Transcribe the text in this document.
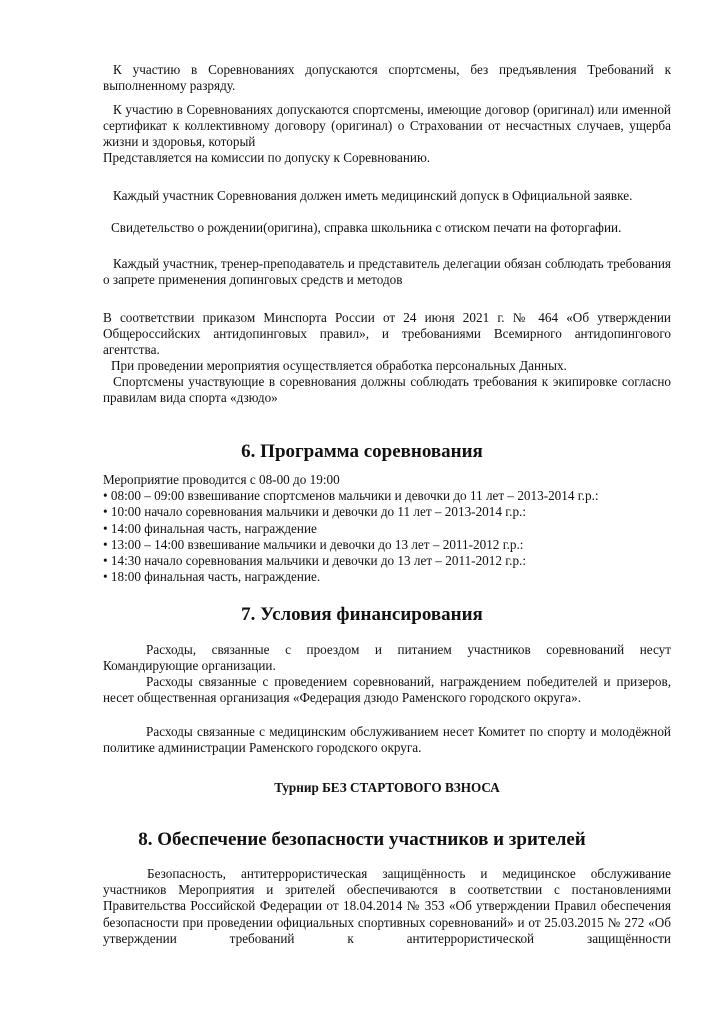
К участию в Соревнованиях допускаются спортсмены, без предъявления Требований к выполненному разряду.

К участию в Соревнованиях допускаются спортсмены, имеющие договор (оригинал) или именной сертификат к коллективному договору (оригинал) о Страховании от несчастных случаев, ущерба жизни и здоровья, который

Представляется на комиссии по допуску к Соревнованию.

Каждый участник Соревнования должен иметь медицинский допуск в Официальной заявке.

Свидетельство о рождении(оригина), справка школьника с отиском печати на фоторгафии.

Каждый участник, тренер-преподаватель и представитель делегации обязан соблюдать требования о запрете применения допинговых средств и методов

В соответствии приказом Минспорта России от 24 июня 2021 г. № 464 «Об утверждении Общероссийских антидопинговых правил», и требованиями Всемирного антидопингового агентства.

При проведении мероприятия осуществляется обработка персональных Данных.

Спортсмены участвующие в соревнования должны соблюдать требования к экипировке согласно правилам вида спорта «дзюдо»

6. Программа соревнования

Мероприятие проводится с 08-00 до 19:00

• 08:00 – 09:00 взвешивание спортсменов мальчики и девочки до 11 лет – 2013-2014 г.р.:
• 10:00 начало соревнования мальчики и девочки до 11 лет – 2013-2014 г.р.:
• 14:00 финальная часть, награждение
• 13:00 – 14:00 взвешивание мальчики и девочки до 13 лет – 2011-2012 г.р.:
• 14:30 начало соревнования мальчики и девочки до 13 лет – 2011-2012 г.р.:
• 18:00 финальная часть, награждение.
7. Условия финансирования

Расходы, связанные с проездом и питанием участников соревнований несут Командирующие организации.

Расходы связанные с проведением соревнований, награждением победителей и призеров, несет общественная организация «Федерация дзюдо Раменского городского округа».

Расходы связанные с медицинским обслуживанием несет Комитет по спорту и молодёжной политике администрации Раменского городского округа.

Турнир БЕЗ СТАРТОВОГО ВЗНОСА

8. Обеспечение безопасности участников и зрителей

Безопасность, антитеррористическая защищённость и медицинское обслуживание участников Мероприятия и зрителей обеспечиваются в соответствии с постановлениями Правительства Российской Федерации от 18.04.2014 № 353 «Об утверждении Правил обеспечения безопасности при проведении официальных спортивных соревнований» и от 25.03.2015 № 272 «Об утверждении требований к антитеррористической защищённости
